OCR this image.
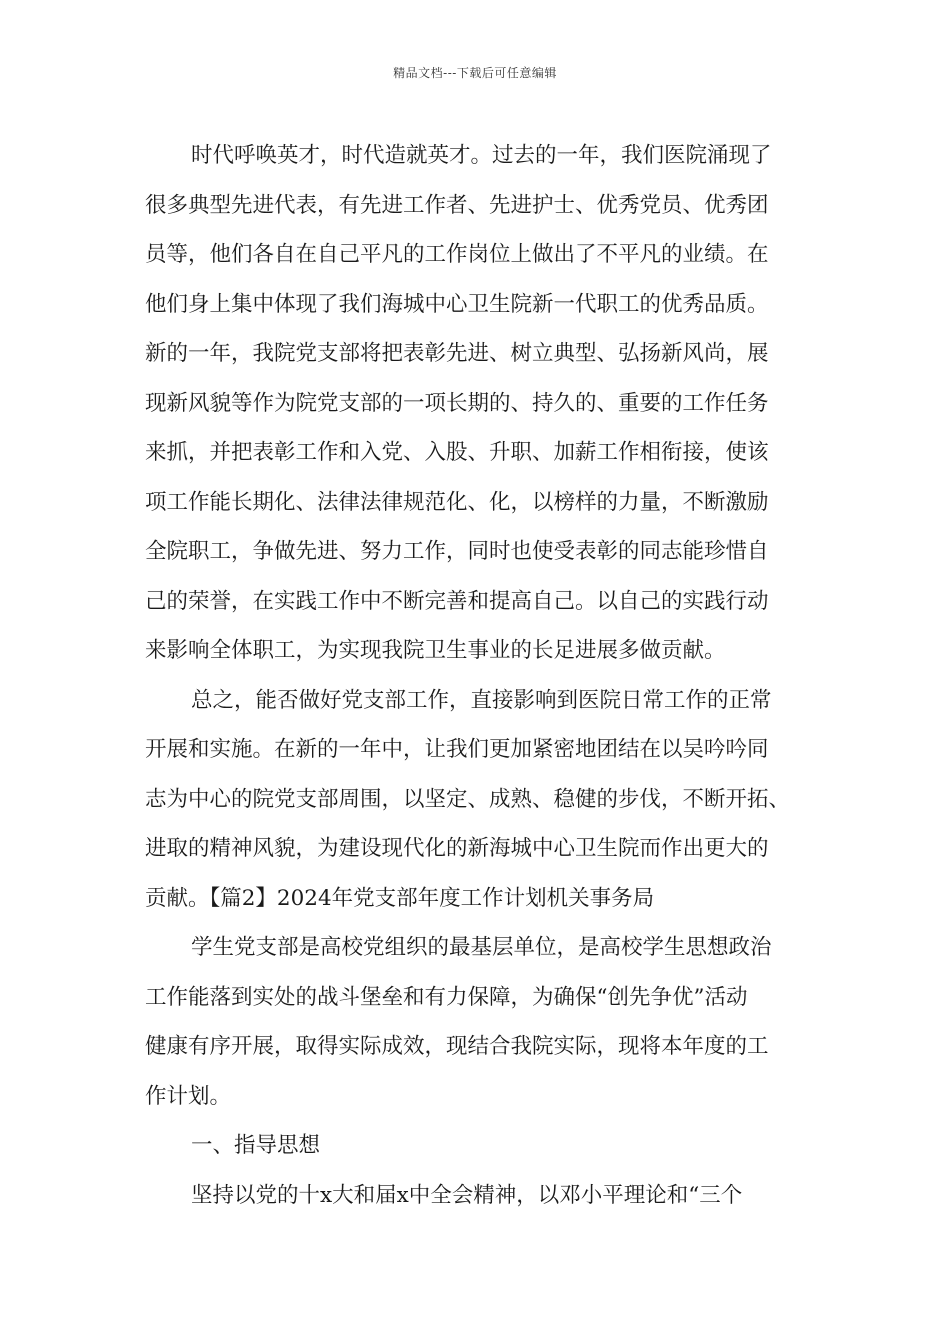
精品文档---下载后可任意编辑
时代呼唤英才，时代造就英才。过去的一年，我们医院涌现了
很多典型先进代表，有先进工作者、先进护士、优秀党员、优秀团
员等，他们各自在自己平凡的工作岗位上做出了不平凡的业绩。在
他们身上集中体现了我们海城中心卫生院新一代职工的优秀品质。
新的一年，我院党支部将把表彰先进、树立典型、弘扬新风尚，展
现新风貌等作为院党支部的一项长期的、持久的、重要的工作任务
来抓，并把表彰工作和入党、入股、升职、加薪工作相衔接，使该
项工作能长期化、法律法律规范化、化，以榜样的力量，不断激励
全院职工，争做先进、努力工作，同时也使受表彰的同志能珍惜自
己的荣誉，在实践工作中不断完善和提高自己。以自己的实践行动
来影响全体职工，为实现我院卫生事业的长足进展多做贡献。
总之，能否做好党支部工作，直接影响到医院日常工作的正常
开展和实施。在新的一年中，让我们更加紧密地团结在以吴吟吟同
志为中心的院党支部周围，以坚定、成熟、稳健的步伐，不断开拓、
进取的精神风貌，为建设现代化的新海城中心卫生院而作出更大的
贡献。【篇2】2024年党支部年度工作计划机关事务局
学生党支部是高校党组织的最基层单位，是高校学生思想政治
工作能落到实处的战斗堡垒和有力保障，为确保“创先争优”活动
健康有序开展，取得实际成效，现结合我院实际，现将本年度的工
作计划。
一、指导思想
坚持以党的十x大和届x中全会精神，以邓小平理论和“三个
